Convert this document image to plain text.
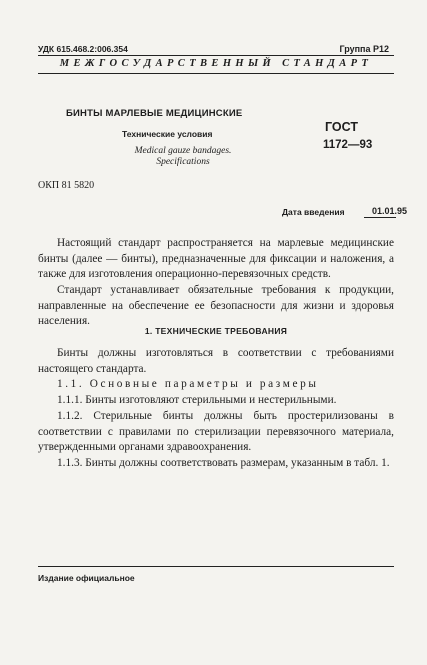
УДК 615.468.2:006.354	Группа Р12
МЕЖГОСУДАРСТВЕННЫЙ СТАНДАРТ
БИНТЫ МАРЛЕВЫЕ МЕДИЦИНСКИЕ
Технические условия
Medical gauze bandages.
Specifications
ГОСТ
1172—93
ОКП 81 5820
Дата введения	01.01.95
Настоящий стандарт распространяется на марлевые медицинские бинты (далее — бинты), предназначенные для фиксации и наложения, а также для изготовления операционно-перевязочных средств.
Стандарт устанавливает обязательные требования к продукции, направленные на обеспечение ее безопасности для жизни и здоровья населения.
1. ТЕХНИЧЕСКИЕ ТРЕБОВАНИЯ
Бинты должны изготовляться в соответствии с требованиями настоящего стандарта.
1.1. Основные параметры и размеры
1.1.1. Бинты изготовляют стерильными и нестерильными.
1.1.2. Стерильные бинты должны быть простерилизованы в соответствии с правилами по стерилизации перевязочного материала, утвержденными органами здравоохранения.
1.1.3. Бинты должны соответствовать размерам, указанным в табл. 1.
Издание официальное
